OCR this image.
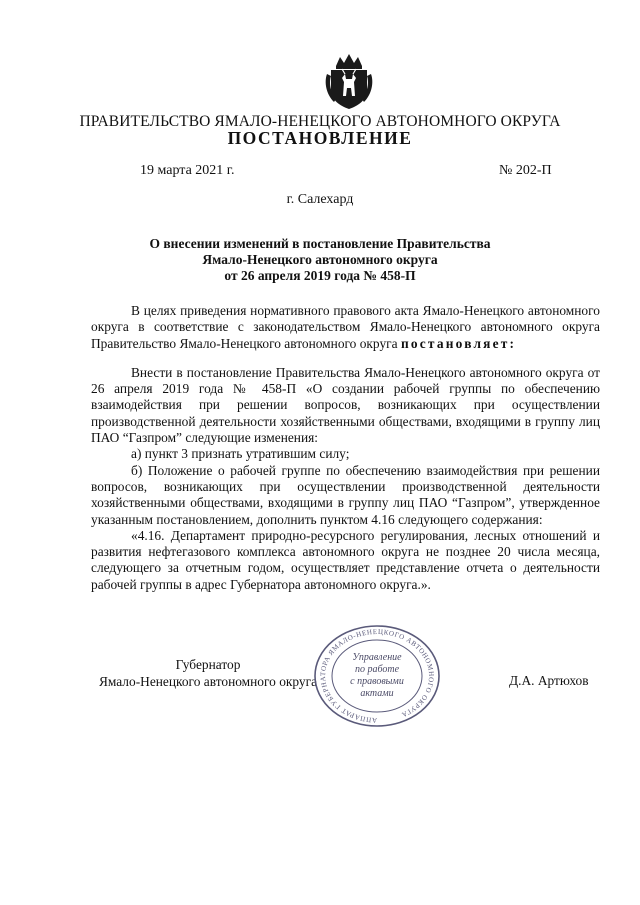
ПРАВИТЕЛЬСТВО ЯМАЛО-НЕНЕЦКОГО АВТОНОМНОГО ОКРУГА
ПОСТАНОВЛЕНИЕ
19 марта 2021 г.	№ 202-П
г. Салехард
О внесении изменений в постановление Правительства
Ямало-Ненецкого автономного округа
от 26 апреля 2019 года № 458-П

В целях приведения нормативного правового акта Ямало-Ненецкого автономного округа в соответствие с законодательством Ямало-Ненецкого автономного округа Правительство Ямало-Ненецкого автономного округа постановляет:

Внести в постановление Правительства Ямало-Ненецкого автономного округа от 26 апреля 2019 года № 458-П «О создании рабочей группы по обеспечению взаимодействия при решении вопросов, возникающих при осуществлении производственной деятельности хозяйственными обществами, входящими в группу лиц ПАО “Газпром” следующие изменения:

а) пункт 3 признать утратившим силу;

б) Положение о рабочей группе по обеспечению взаимодействия при решении вопросов, возникающих при осуществлении производственной деятельности хозяйственными обществами, входящими в группу лиц ПАО “Газпром”, утвержденное указанным постановлением, дополнить пунктом 4.16 следующего содержания:

«4.16. Департамент природно-ресурсного регулирования, лесных отношений и развития нефтегазового комплекса автономного округа не позднее 20 числа месяца, следующего за отчетным годом, осуществляет представление отчета о деятельности рабочей группы в адрес Губернатора автономного округа.».

Губернатор
Ямало-Ненецкого автономного округа	Д.А. Артюхов
АППАРАТ ГУБЕРНАТОРА ЯМАЛО-НЕНЕЦКОГО АВТОНОМНОГО ОКРУГА
Управление
по работе
с правовыми
актами
